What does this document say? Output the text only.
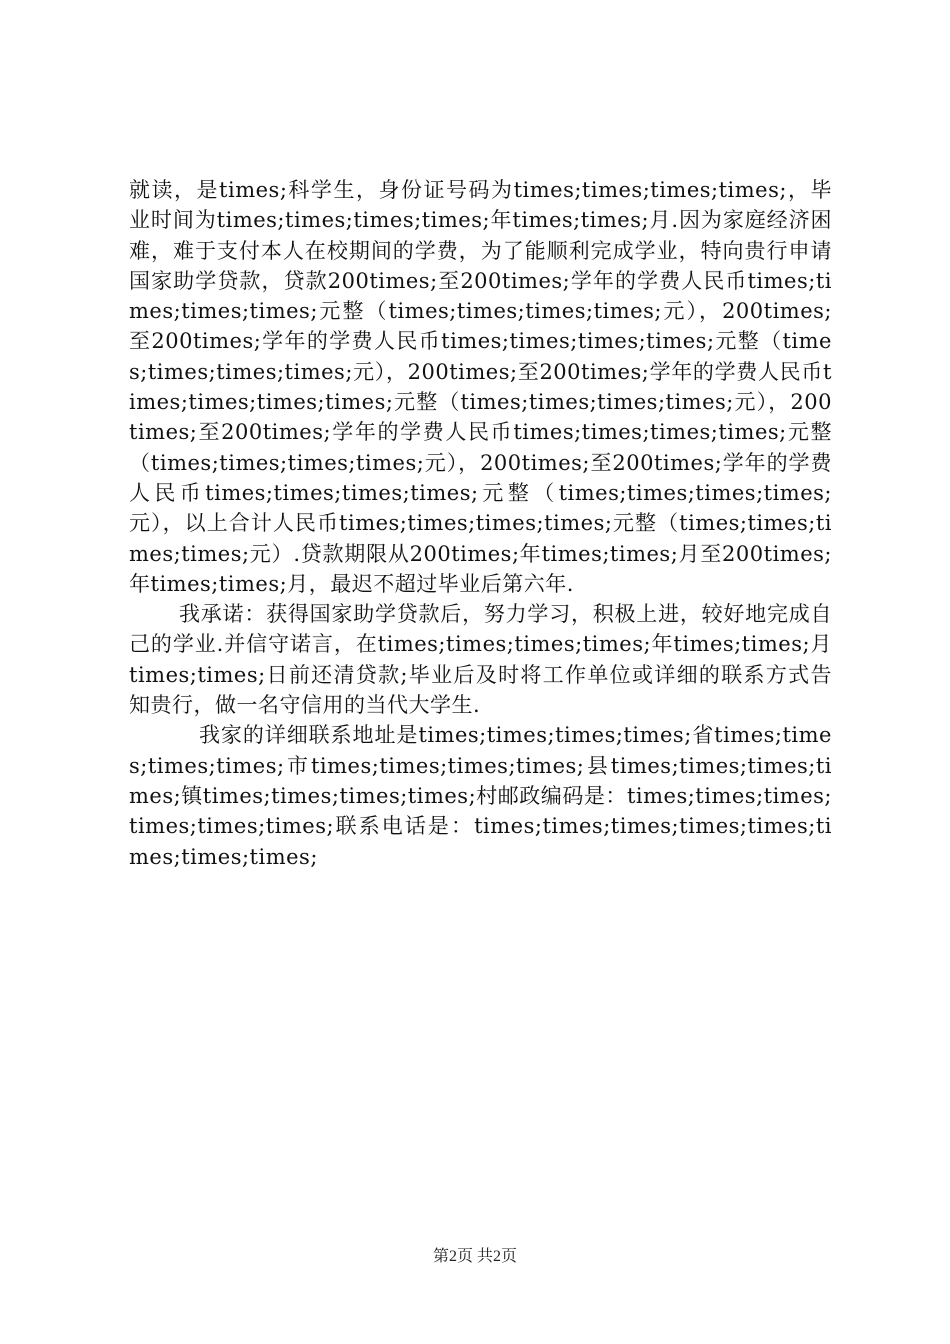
就读，是times;科学生，身份证号码为times;times;times;times;，毕业时间为times;times;times;times;年times;times;月.因为家庭经济困难，难于支付本人在校期间的学费，为了能顺利完成学业，特向贵行申请国家助学贷款，贷款200times;至200times;学年的学费人民币times;times;times;times;元整（times;times;times;times;元），200times;至200times;学年的学费人民币times;times;times;times;元整（times;times;times;times;元），200times;至200times;学年的学费人民币times;times;times;times;元整（times;times;times;times;元），200times;至200times;学年的学费人民币times;times;times;times;元整（times;times;times;times;元），200times;至200times;学年的学费人民币times;times;times;times;元整（times;times;times;times;元），以上合计人民币times;times;times;times;元整（times;times;times;times;元）.贷款期限从200times;年times;times;月至200times;年times;times;月，最迟不超过毕业后第六年.

我承诺：获得国家助学贷款后，努力学习，积极上进，较好地完成自己的学业.并信守诺言，在times;times;times;times;年times;times;月times;times;日前还清贷款;毕业后及时将工作单位或详细的联系方式告知贵行，做一名守信用的当代大学生.

我家的详细联系地址是times;times;times;times;省times;times;times;times;市times;times;times;times;县times;times;times;times;镇times;times;times;times;村邮政编码是：times;times;times;times;times;times;联系电话是：times;times;times;times;times;times;times;times;

第2页 共2页
